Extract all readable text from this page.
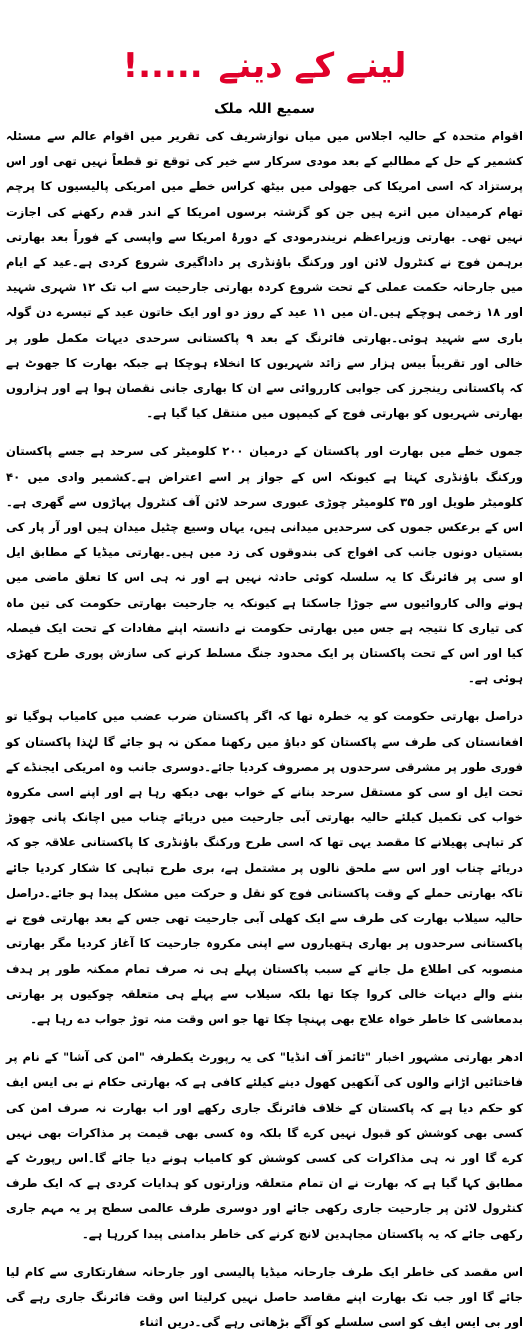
لینے کے دینے .....!
سمیع اللہ ملک

اقوام متحدہ کے حالیہ اجلاس میں میاں نوازشریف کی تقریر میں اقوام عالم سے مسئلہ کشمیر کے حل کے مطالبے کے بعد مودی سرکار سے خیر کی توقع تو قطعاً نہیں تھی اور اس پرستزاد کہ اسی امریکا کی جھولی میں بیٹھ کراس خطے میں امریکی پالیسیوں کا پرچم تھام کرمیدان میں اترے ہیں جن کو گزشتہ برسوں امریکا کے اندر قدم رکھنے کی اجازت نہیں تھی۔ بھارتی وزیراعظم نریندرمودی کے دورۂ امریکا سے واپسی کے فوراً بعد بھارتی برہمن فوج نے کنٹرول لائن اور ورکنگ باؤنڈری پر داداگیری شروع کردی ہے۔عید کے ایام میں جارحانہ حکمت عملی کے تحت شروع کردہ بھارتی جارحیت سے اب تک ۱۲ شہری شہید اور ۱۸ زخمی ہوچکے ہیں۔ان میں ۱۱ عید کے روز دو اور ایک خاتون عید کے تیسرے دن گولہ باری سے شہید ہوئی۔بھارتی فائرنگ کے بعد ۹ پاکستانی سرحدی دیہات مکمل طور پر خالی اور تقریباً بیس ہزار سے زائد شہریوں کا انخلاء ہوچکا ہے جبکہ بھارت کا جھوٹ ہے کہ پاکستانی رینجرز کی جوابی کارروائی سے ان کا بھاری جانی نقصان ہوا ہے اور ہزاروں بھارتی شہریوں کو بھارتی فوج کے کیمپوں میں منتقل کیا گیا ہے۔

جموں خطے میں بھارت اور پاکستان کے درمیان ۲۰۰ کلومیٹر کی سرحد ہے جسے پاکستان ورکنگ باؤنڈری کہتا ہے کیونکہ اس کے جواز پر اسے اعتراض ہے۔کشمیر وادی میں ۴۰ کلومیٹر طویل اور ۳۵ کلومیٹر چوڑی عبوری سرحد لائن آف کنٹرول پہاڑوں سے گھری ہے۔اس کے برعکس جموں کی سرحدیں میدانی ہیں، یہاں وسیع چٹیل میدان ہیں اور آر پار کی بستیاں دونوں جانب کی افواج کی بندوقوں کی زد میں ہیں۔بھارتی میڈیا کے مطابق ایل او سی پر فائرنگ کا یہ سلسلہ کوئی حادثہ نہیں ہے اور نہ ہی اس کا تعلق ماضی میں ہونے والی کاروائیوں سے جوڑا جاسکتا ہے کیونکہ یہ جارحیت بھارتی حکومت کی تین ماہ کی تیاری کا نتیجہ ہے جس میں بھارتی حکومت نے دانستہ اپنے مفادات کے تحت ایک فیصلہ کیا اور اس کے تحت پاکستان پر ایک محدود جنگ مسلط کرنے کی سازش پوری طرح کھڑی ہوئی ہے۔

دراصل بھارتی حکومت کو یہ خطرہ تھا کہ اگر پاکستان ضرب عضب میں کامیاب ہوگیا تو افغانستان کی طرف سے پاکستان کو دباؤ میں رکھنا ممکن نہ ہو جائے گا لہٰذا پاکستان کو فوری طور پر مشرقی سرحدوں پر مصروف کردیا جائے۔دوسری جانب وہ امریکی ایجنڈے کے تحت ایل او سی کو مستقل سرحد بنانے کے خواب بھی دیکھ رہا ہے اور اپنے اسی مکروہ خواب کی تکمیل کیلئے حالیہ بھارتی آبی جارحیت میں دریائے چناب میں اچانک پانی چھوڑ کر تباہی پھیلانے کا مقصد یہی تھا کہ اسی طرح ورکنگ باؤنڈری کا پاکستانی علاقہ جو کہ دریائے چناب اور اس سے ملحق نالوں پر مشتمل ہے، بری طرح تباہی کا شکار کردیا جائے تاکہ بھارتی حملے کے وقت پاکستانی فوج کو نقل و حرکت میں مشکل پیدا ہو جائے۔دراصل حالیہ سیلاب بھارت کی طرف سے ایک کھلی آبی جارحیت تھی جس کے بعد بھارتی فوج نے پاکستانی سرحدوں پر بھاری ہتھیاروں سے اپنی مکروہ جارحیت کا آغاز کردیا مگر بھارتی منصوبہ کی اطلاع مل جانے کے سبب پاکستان پہلے ہی نہ صرف تمام ممکنہ طور پر ہدف بننے والے دیہات خالی کروا چکا تھا بلکہ سیلاب سے پہلے ہی متعلقہ چوکیوں پر بھارتی بدمعاشی کا خاطر خواہ علاج بھی پہنچا چکا تھا جو اس وقت منہ توڑ جواب دے رہا ہے۔

ادھر بھارتی مشہور اخبار "ٹائمز آف انڈیا" کی یہ رپورٹ یکطرفہ "امن کی آشا" کے نام پر فاختائیں اڑانے والوں کی آنکھیں کھول دینے کیلئے کافی ہے کہ بھارتی حکام نے بی ایس ایف کو حکم دیا ہے کہ پاکستان کے خلاف فائرنگ جاری رکھے اور اب بھارت نہ صرف امن کی کسی بھی کوشش کو قبول نہیں کرے گا بلکہ وہ کسی بھی قیمت پر مذاکرات بھی نہیں کرے گا اور نہ ہی مذاکرات کی کسی کوشش کو کامیاب ہونے دیا جائے گا۔اس رپورٹ کے مطابق کہا گیا ہے کہ بھارت نے ان تمام متعلقہ وزارتوں کو ہدایات کردی ہے کہ ایک طرف کنٹرول لائن پر جارحیت جاری رکھی جائے اور دوسری طرف عالمی سطح پر یہ مہم جاری رکھی جائے کہ یہ پاکستان مجاہدین لانچ کرنے کی خاطر بدامنی پیدا کررہا ہے۔

اس مقصد کی خاطر ایک طرف جارحانہ میڈیا پالیسی اور جارحانہ سفارتکاری سے کام لیا جائے گا اور جب تک بھارت اپنے مقاصد حاصل نہیں کرلیتا اس وقت فائرنگ جاری رہے گی اور بی ایس ایف کو اسی سلسلے کو آگے بڑھاتی رہے گی۔دریں اثناء
